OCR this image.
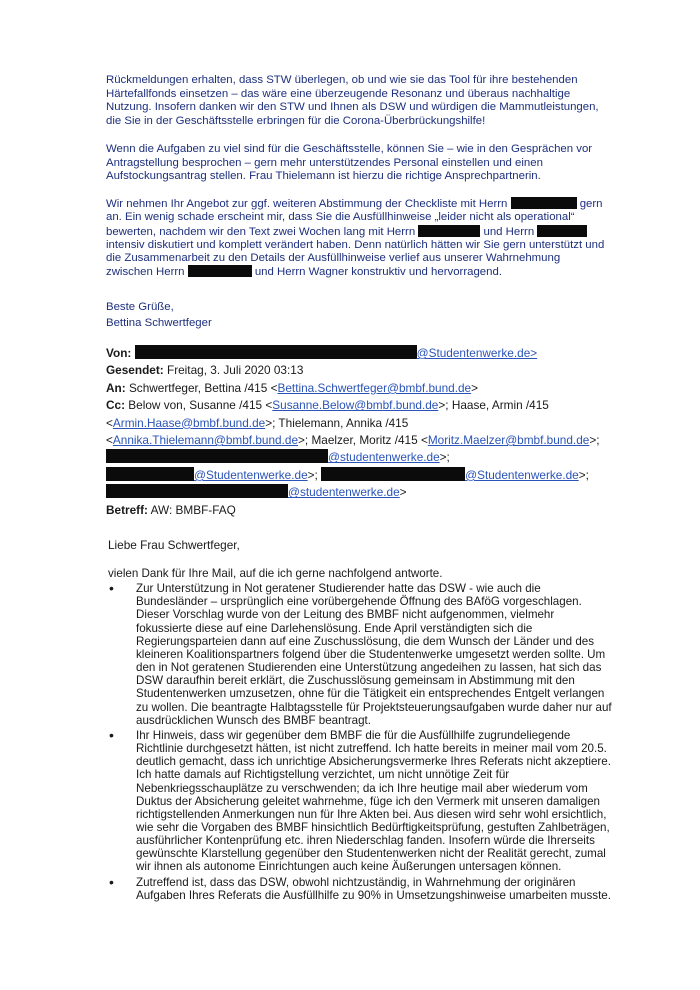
Rückmeldungen erhalten, dass STW überlegen, ob und wie sie das Tool für ihre bestehenden Härtefallfonds einsetzen – das wäre eine überzeugende Resonanz und überaus nachhaltige Nutzung. Insofern danken wir den STW und Ihnen als DSW und würdigen die Mammutleistungen, die Sie in der Geschäftsstelle erbringen für die Corona-Überbrückungshilfe!

Wenn die Aufgaben zu viel sind für die Geschäftsstelle, können Sie – wie in den Gesprächen vor Antragstellung besprochen – gern mehr unterstützendes Personal einstellen und einen Aufstockungsantrag stellen. Frau Thielemann ist hierzu die richtige Ansprechpartnerin.

Wir nehmen Ihr Angebot zur ggf. weiteren Abstimmung der Checkliste mit Herrn	gern an. Ein wenig schade erscheint mir, dass Sie die Ausfüllhinweise „leider nicht als operational“ bewerten, nachdem wir den Text zwei Wochen lang mit Herrn	und Herrn  intensiv diskutiert und komplett verändert haben. Denn natürlich hätten wir Sie gern unterstützt und die Zusammenarbeit zu den Details der Ausfüllhinweise verlief aus unserer Wahrnehmung zwischen Herrn	und Herrn Wagner konstruktiv und hervorragend.

Beste Grüße,

Bettina Schwertfeger

Von:	@Studentenwerke.de>
Gesendet: Freitag, 3. Juli 2020 03:13
An: Schwertfeger, Bettina /415 <Bettina.Schwertfeger@bmbf.bund.de>
Cc: Below von, Susanne /415 <Susanne.Below@bmbf.bund.de>; Haase, Armin /415
<Armin.Haase@bmbf.bund.de>; Thielemann, Annika /415
<Annika.Thielemann@bmbf.bund.de>; Maelzer, Moritz /415 <Moritz.Maelzer@bmbf.bund.de>;
@studentenwerke.de>;
@Studentenwerke.de>;	@Studentenwerke.de>;
@studentenwerke.de>
Betreff: AW: BMBF-FAQ
Liebe Frau Schwertfeger,
vielen Dank für Ihre Mail, auf die ich gerne nachfolgend antworte.
• Zur Unterstützung in Not geratener Studierender hatte das DSW - wie auch die Bundesländer – ursprünglich eine vorübergehende Öffnung des BAföG vorgeschlagen. Dieser Vorschlag wurde von der Leitung des BMBF nicht aufgenommen, vielmehr fokussierte diese auf eine Darlehenslösung. Ende April verständigten sich die Regierungsparteien dann auf eine Zuschusslösung, die dem Wunsch der Länder und des kleineren Koalitionspartners folgend über die Studentenwerke umgesetzt werden sollte. Um den in Not geratenen Studierenden eine Unterstützung angedeihen zu lassen, hat sich das DSW daraufhin bereit erklärt, die Zuschusslösung gemeinsam in Abstimmung mit den Studentenwerken umzusetzen, ohne für die Tätigkeit ein entsprechendes Entgelt verlangen zu wollen. Die beantragte Halbtagsstelle für Projektsteuerungsaufgaben wurde daher nur auf ausdrücklichen Wunsch des BMBF beantragt.
• Ihr Hinweis, dass wir gegenüber dem BMBF die für die Ausfüllhilfe zugrundeliegende Richtlinie durchgesetzt hätten, ist nicht zutreffend. Ich hatte bereits in meiner mail vom 20.5. deutlich gemacht, dass ich unrichtige Absicherungsvermerke Ihres Referats nicht akzeptiere. Ich hatte damals auf Richtigstellung verzichtet, um nicht unnötige Zeit für Nebenkriegsschauplätze zu verschwenden; da ich Ihre heutige mail aber wiederum vom Duktus der Absicherung geleitet wahrnehme, füge ich den Vermerk mit unseren damaligen richtigstellenden Anmerkungen nun für Ihre Akten bei. Aus diesen wird sehr wohl ersichtlich, wie sehr die Vorgaben des BMBF hinsichtlich Bedürftigkeitsprüfung, gestuften Zahlbeträgen, ausführlicher Kontenprüfung etc. ihren Niederschlag fanden. Insofern würde die Ihrerseits gewünschte Klarstellung gegenüber den Studentenwerken nicht der Realität gerecht, zumal wir ihnen als autonome Einrichtungen auch keine Äußerungen untersagen können.
• Zutreffend ist, dass das DSW, obwohl nichtzuständig, in Wahrnehmung der originären Aufgaben Ihres Referats die Ausfüllhilfe zu 90% in Umsetzungshinweise umarbeiten musste.
